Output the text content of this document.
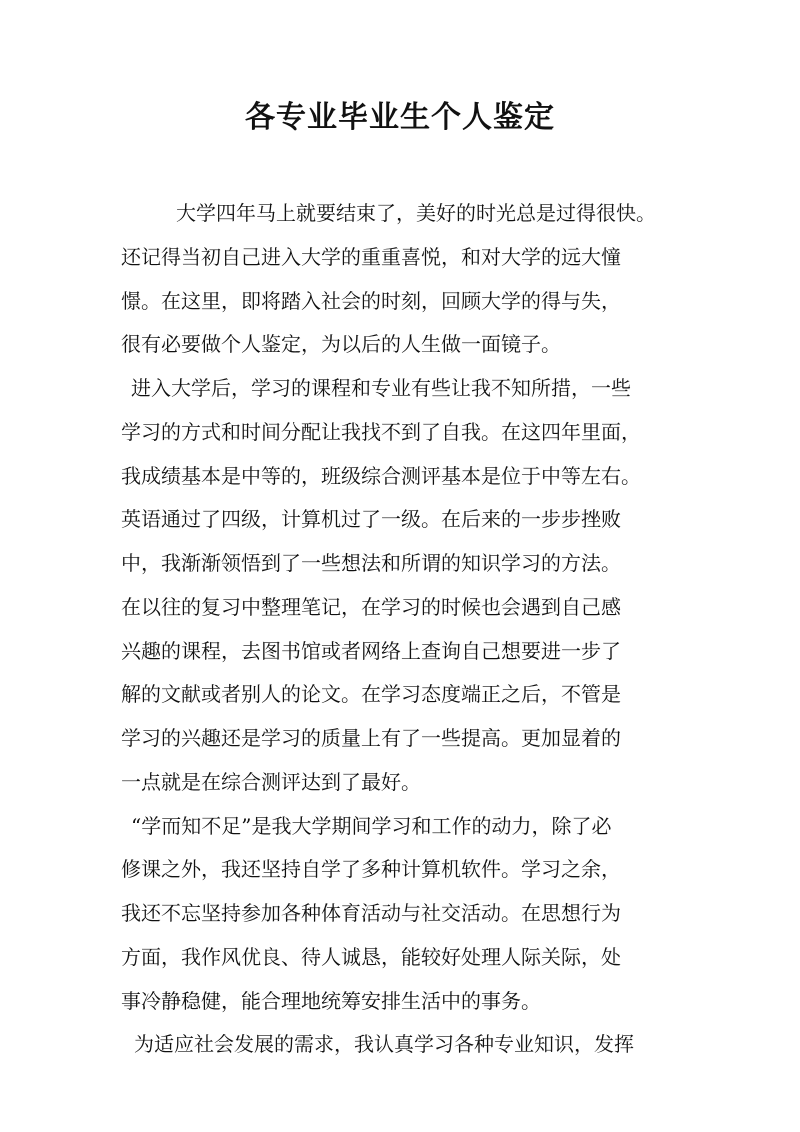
各专业毕业生个人鉴定

大学四年马上就要结束了，美好的时光总是过得很快。

还记得当初自己进入大学的重重喜悦，和对大学的远大憧

憬。在这里，即将踏入社会的时刻，回顾大学的得与失，

很有必要做个人鉴定，为以后的人生做一面镜子。

进入大学后，学习的课程和专业有些让我不知所措，一些

学习的方式和时间分配让我找不到了自我。在这四年里面，

我成绩基本是中等的，班级综合测评基本是位于中等左右。

英语通过了四级，计算机过了一级。在后来的一步步挫败

中，我渐渐领悟到了一些想法和所谓的知识学习的方法。

在以往的复习中整理笔记，在学习的时候也会遇到自己感

兴趣的课程，去图书馆或者网络上查询自己想要进一步了

解的文献或者别人的论文。在学习态度端正之后，不管是

学习的兴趣还是学习的质量上有了一些提高。更加显着的

一点就是在综合测评达到了最好。

“学而知不足”是我大学期间学习和工作的动力，除了必

修课之外，我还坚持自学了多种计算机软件。学习之余，

我还不忘坚持参加各种体育活动与社交活动。在思想行为

方面，我作风优良、待人诚恳，能较好处理人际关际，处

事冷静稳健，能合理地统筹安排生活中的事务。

为适应社会发展的需求，我认真学习各种专业知识，发挥
